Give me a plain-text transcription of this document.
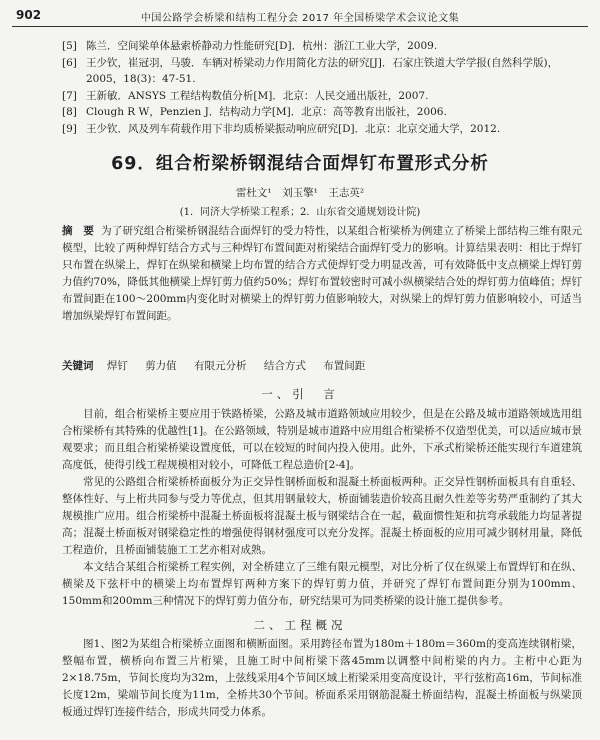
902	中国公路学会桥梁和结构工程分会 2017 年全国桥梁学术会议论文集

[5] 陈兰．空间梁单体悬索桥静动力性能研究[D]．杭州：浙江工业大学，2009.

[6] 王少钦，崔冠羽，马骏．车辆对桥梁动力作用简化方法的研究[J]．石家庄铁道大学学报(自然科学版)，2005，18(3)：47-51.

[7] 王新敏．ANSYS 工程结构数值分析[M]．北京：人民交通出版社，2007.

[8] Clough R W，Penzien J．结构动力学[M]．北京：高等教育出版社，2006.

[9] 王少钦．风及列车荷载作用下非均质桥梁振动响应研究[D]．北京：北京交通大学，2012.

69．组合桁梁桥钢混结合面焊钉布置形式分析
雷杜文¹　刘玉擎¹　王志英²
(1．同济大学桥梁工程系；2．山东省交通规划设计院)
摘　要 为了研究组合桁梁桥钢混结合面焊钉的受力特性，以某组合桁梁桥为例建立了桥梁上部结构三维有限元模型，比较了两种焊钉结合方式与三种焊钉布置间距对桁梁结合面焊钉受力的影响。计算结果表明：相比于焊钉只布置在纵梁上，焊钉在纵梁和横梁上均布置的结合方式使焊钉受力明显改善，可有效降低中支点横梁上焊钉剪力值约70%，降低其他横梁上焊钉剪力值约50%；焊钉布置较密时可减小纵横梁结合处的焊钉剪力值峰值；焊钉布置间距在100～200mm内变化时对横梁上的焊钉剪力值影响较大，对纵梁上的焊钉剪力值影响较小，可适当增加纵梁焊钉布置间距。
关键词 焊钉 剪力值 有限元分析 结合方式 布置间距
一、引　言

目前，组合桁梁桥主要应用于铁路桥梁，公路及城市道路领域应用较少，但是在公路及城市道路领域选用组合桁梁桥有其特殊的优越性[1]。在公路领域，特别是城市道路中应用组合桁梁桥不仅造型优美，可以适应城市景观要求；而且组合桁梁桥梁设置度低，可以在较短的时间内投入使用。此外，下承式桁梁桥还能实现行车道建筑高度低，使得引线工程规模相对较小，可降低工程总造价[2-4]。

常见的公路组合桁梁桥桥面板分为正交异性钢桥面板和混凝土桥面板两种。正交异性钢桥面板具有自重轻、整体性好、与上桁共同参与受力等优点，但其用钢量较大，桥面铺装造价较高且耐久性差等劣势严重制约了其大规模推广应用。组合桁梁桥中混凝土桥面板将混凝土板与钢梁结合在一起，截面惯性矩和抗弯承载能力均显著提高；混凝土桥面板对钢梁稳定性的增强使得钢材强度可以充分发挥。混凝土桥面板的应用可减少钢材用量，降低工程造价，且桥面铺装施工工艺亦相对成熟。

本文结合某组合桁梁桥工程实例，对全桥建立了三维有限元模型，对比分析了仅在纵梁上布置焊钉和在纵、横梁及下弦杆中的横梁上均布置焊钉两种方案下的焊钉剪力值，并研究了焊钉布置间距分别为100mm、150mm和200mm三种情况下的焊钉剪力值分布，研究结果可为同类桥梁的设计施工提供参考。

二、工程概况

图1、图2为某组合桁梁桥立面图和横断面图。采用跨径布置为180m＋180m＝360m的变高连续钢桁梁，整幅布置，横桥向布置三片桁梁，且施工时中间桁梁下落45mm以调整中间桁梁的内力。主桁中心距为2×18.75m，节间长度均为32m，上弦线采用4个节间区域上桁梁采用变高度设计，平行弦桁高16m，节间标准长度12m，梁端节间长度为11m，全桥共30个节间。桥面系采用钢筋混凝土桥面结构，混凝土桥面板与纵梁顶板通过焊钉连接件结合，形成共同受力体系。
